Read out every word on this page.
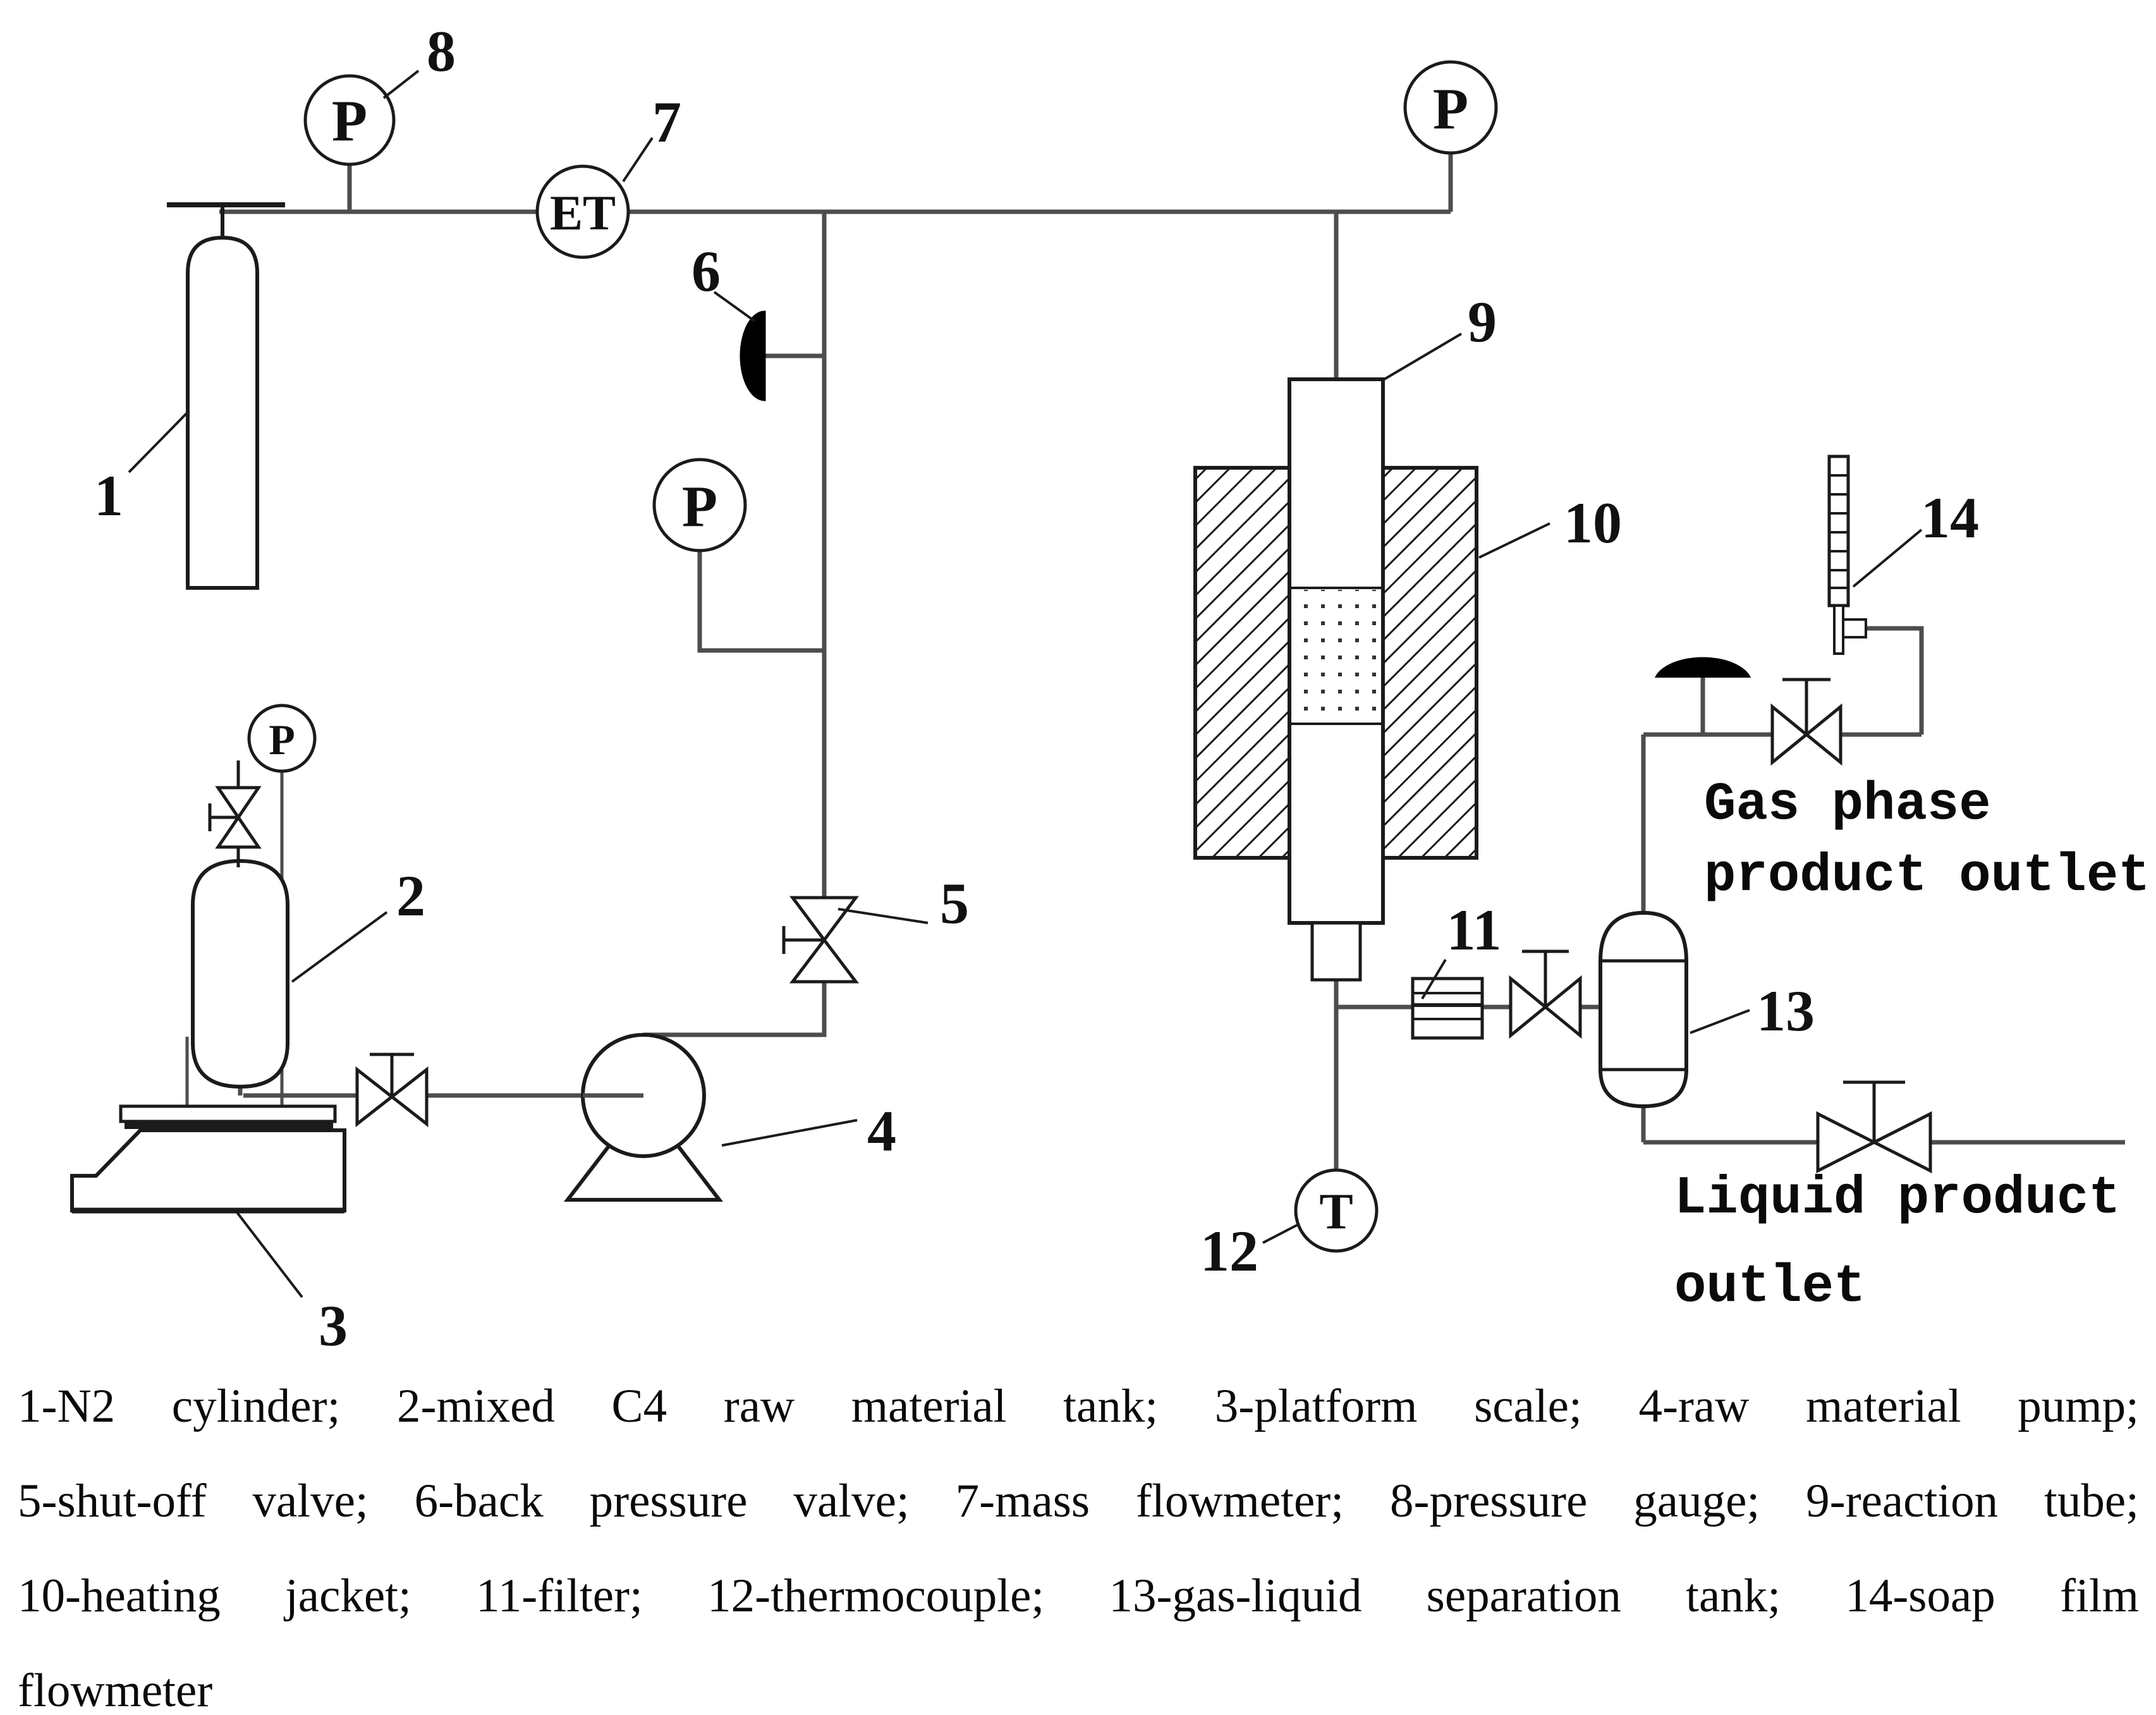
T
P
ET
P
P
P
1
2
3
4
5
6
7
8
9
10
11
12
13
14
Gas phase
product outlet
Liquid product
outlet
1-N2 cylinder; 2-mixed C4 raw material tank; 3-platform scale; 4-raw material pump;
5-shut-off valve; 6-back pressure valve; 7-mass flowmeter; 8-pressure gauge; 9-reaction tube;
10-heating jacket; 11-filter; 12-thermocouple; 13-gas-liquid separation tank; 14-soap film
flowmeter
